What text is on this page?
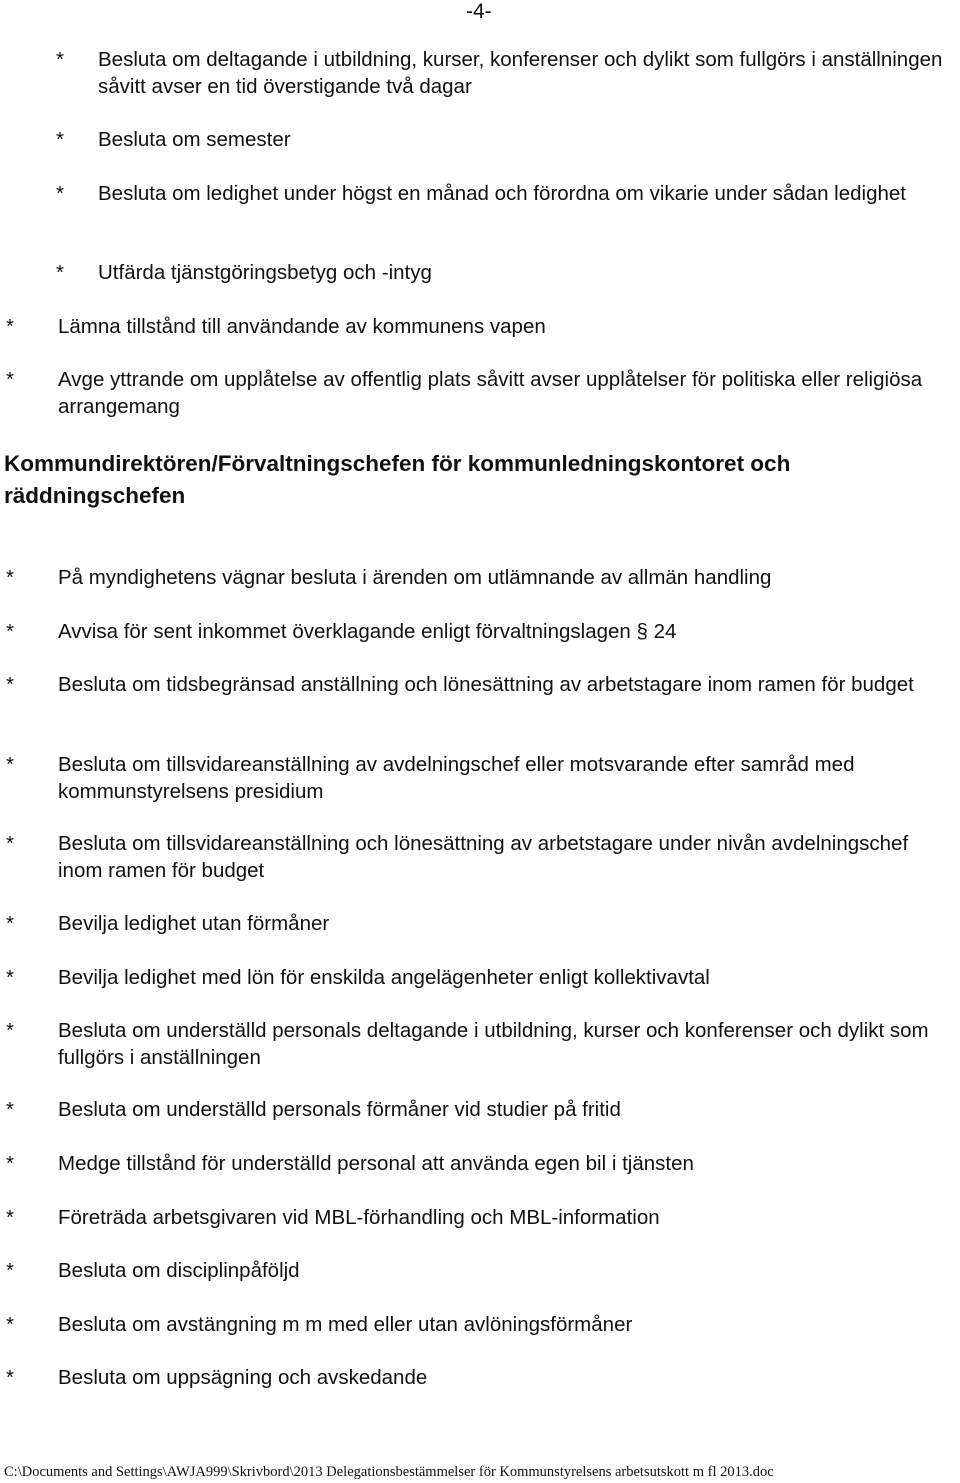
-4-
* Besluta om deltagande i utbildning, kurser, konferenser och dylikt som fullgörs i anställningen såvitt avser en tid överstigande två dagar
* Besluta om semester
* Besluta om ledighet under högst en månad och förordna om vikarie under sådan ledighet
* Utfärda tjänstgöringsbetyg och -intyg
* Lämna tillstånd till användande av kommunens vapen
* Avge yttrande om upplåtelse av offentlig plats såvitt avser upplåtelser för politiska eller religiösa arrangemang
Kommundirektören/Förvaltningschefen för kommunledningskontoret och räddningschefen
* På myndighetens vägnar besluta i ärenden om utlämnande av allmän handling
* Avvisa för sent inkommet överklagande enligt förvaltningslagen § 24
* Besluta om tidsbegränsad anställning och lönesättning av arbetstagare inom ramen för budget
* Besluta om tillsvidareanställning av avdelningschef eller motsvarande efter samråd med kommunstyrelsens presidium
* Besluta om tillsvidareanställning och lönesättning av arbetstagare under nivån avdelningschef inom ramen för budget
* Bevilja ledighet utan förmåner
* Bevilja ledighet med lön för enskilda angelägenheter enligt kollektivavtal
* Besluta om underställd personals deltagande i utbildning, kurser och konferenser och dylikt som fullgörs i anställningen
* Besluta om underställd personals förmåner vid studier på fritid
* Medge tillstånd för underställd personal att använda egen bil i tjänsten
* Företräda arbetsgivaren vid MBL-förhandling och MBL-information
* Besluta om disciplinpåföljd
* Besluta om avstängning m m med eller utan avlöningsförmåner
* Besluta om uppsägning och avskedande
C:\Documents and Settings\AWJA999\Skrivbord\2013 Delegationsbestämmelser för Kommunstyrelsens arbetsutskott m fl 2013.doc
